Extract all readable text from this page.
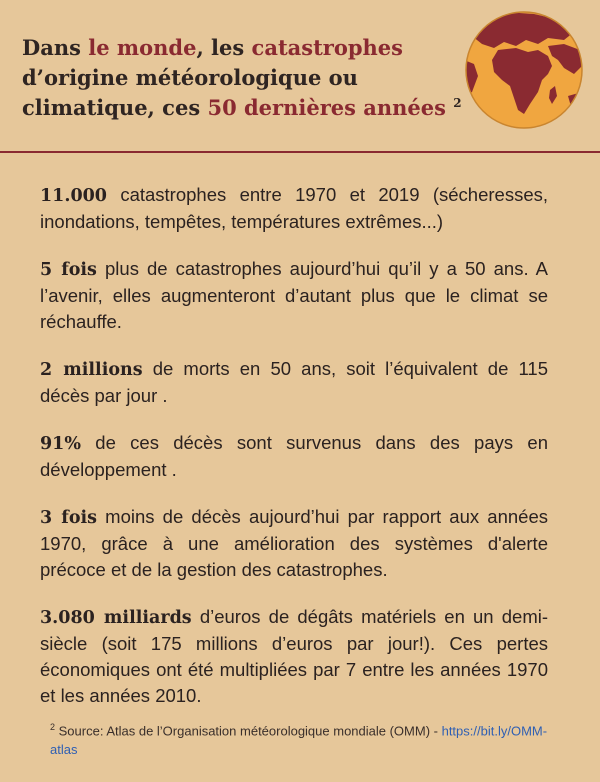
Dans le monde, les catastrophes d’origine météorologique ou climatique, ces 50 dernières années $^2$

11.000 catastrophes entre 1970 et 2019 (sécheresses, inondations, tempêtes, températures extrêmes...)

5 fois plus de catastrophes aujourd’hui qu’il y a 50 ans. A l’avenir, elles augmenteront d’autant plus que le climat se réchauffe.

2 millions de morts en 50 ans, soit l’équivalent de 115 décès par jour .

91% de ces décès sont survenus dans des pays en développement .

3 fois moins de décès aujourd’hui par rapport aux années 1970, grâce à une amélioration des systèmes d'alerte précoce et de la gestion des catastrophes.

3.080 milliards d’euros de dégâts matériels en un demi-siècle (soit 175 millions d’euros par jour!). Ces pertes économiques ont été multipliées par 7 entre les années 1970 et les années 2010.

$^2$ Source: Atlas de l’Organisation météorologique mondiale (OMM) - https://bit.ly/OMM-atlas
